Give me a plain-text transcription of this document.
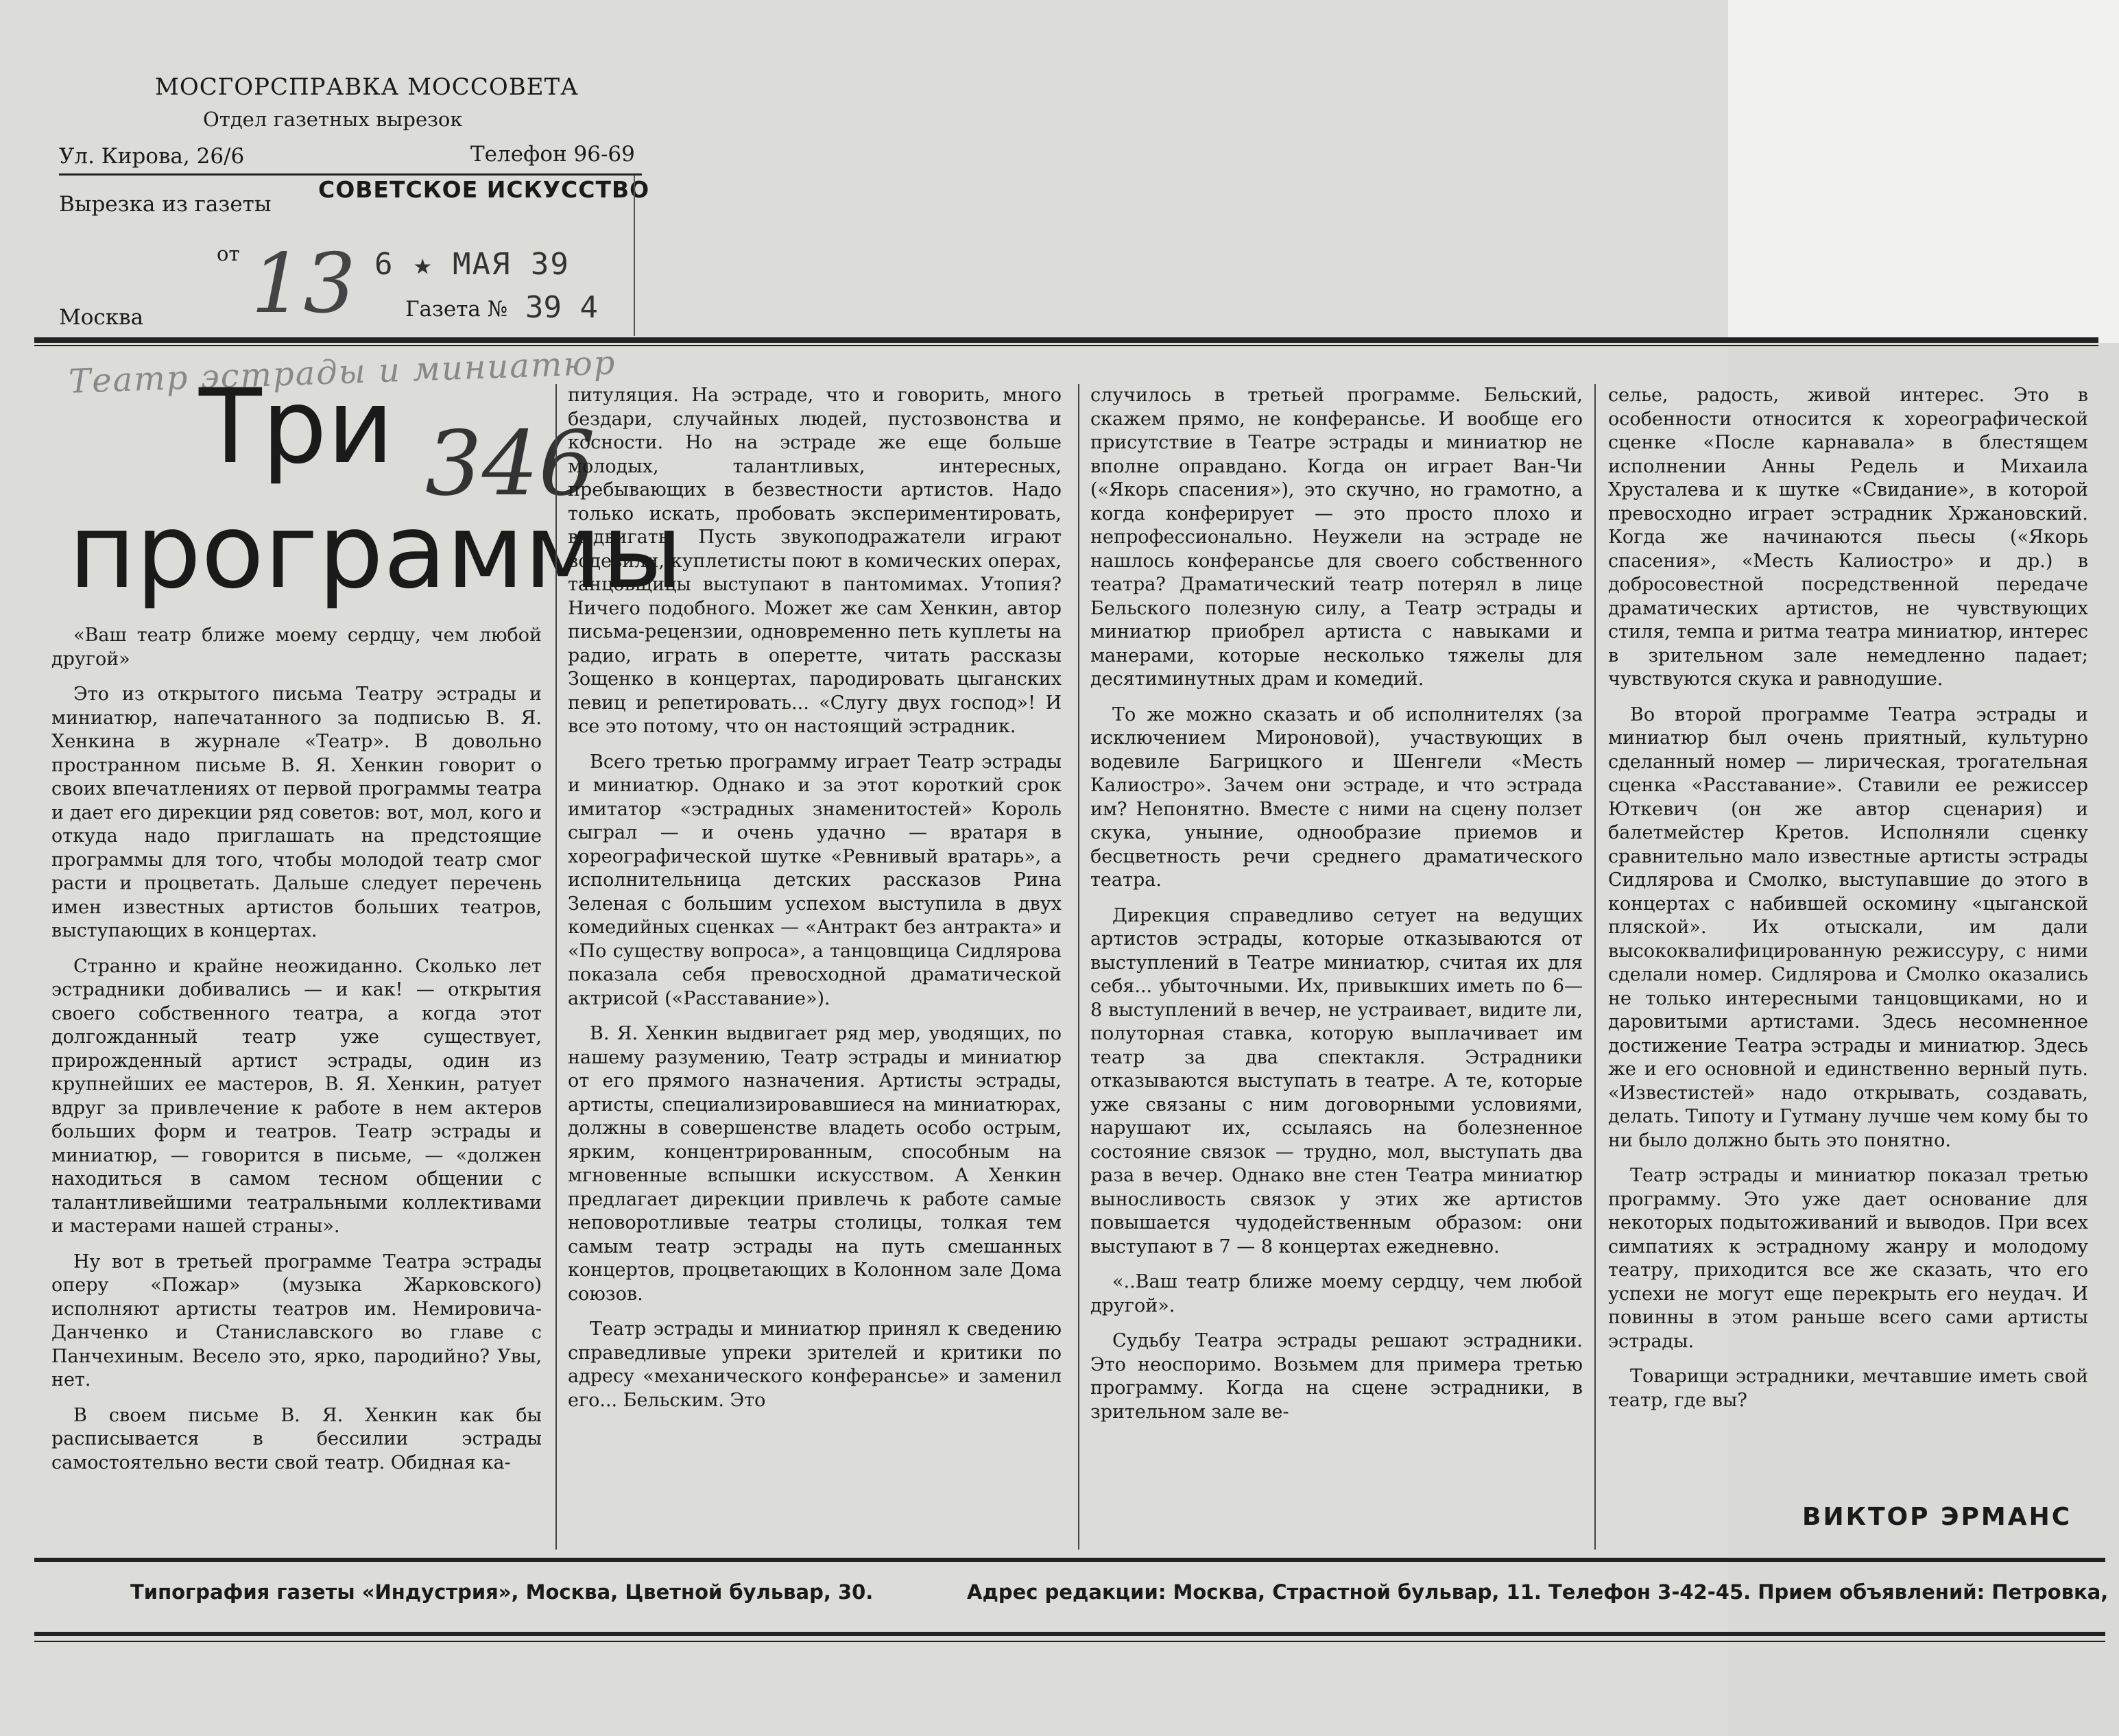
МОСГОРСПРАВКА МОССОВЕТА
Отдел газетных вырезок
Ул. Кирова, 26/6	Телефон 96-69
Вырезка из газеты
СОВЕТСКОЕ ИСКУССТВО
от 13 6 ★ МАЯ 39
Москва	Газета № 39 4
Театр эстрады и миниатюр
Три 346
программы

«Ваш театр ближе моему сердцу, чем любой другой»

Это из открытого письма Театру эстрады и миниатюр, напечатанного за подписью В. Я. Хенкина в журнале «Театр». В довольно пространном письме В. Я. Хенкин говорит о своих впечатлениях от первой программы театра и дает его дирекции ряд советов: вот, мол, кого и откуда надо приглашать на предстоящие программы для того, чтобы молодой театр смог расти и процветать. Дальше следует перечень имен известных артистов больших театров, выступающих в концертах.

Странно и крайне неожиданно. Сколько лет эстрадники добивались — и как! — открытия своего собственного театра, а когда этот долгожданный театр уже существует, прирожденный артист эстрады, один из крупнейших ее мастеров, В. Я. Хенкин, ратует вдруг за привлечение к работе в нем актеров больших форм и театров. Театр эстрады и миниатюр, — говорится в письме, — «должен находиться в самом тесном общении с талантливейшими театральными коллективами и мастерами нашей страны».

Ну вот в третьей программе Театра эстрады оперу «Пожар» (музыка Жарковского) исполняют артисты театров им. Немировича-Данченко и Станиславского во главе с Панчехиным. Весело это, ярко, пародийно? Увы, нет.

В своем письме В. Я. Хенкин как бы расписывается в бессилии эстрады самостоятельно вести свой театр. Обидная ка-

питуляция. На эстраде, что и говорить, много бездари, случайных людей, пустозвонства и косности. Но на эстраде же еще больше молодых, талантливых, интересных, пребывающих в безвестности артистов. Надо только искать, пробовать экспериментировать, выдвигать. Пусть звукоподражатели играют водевили, куплетисты поют в комических операх, танцовщицы выступают в пантомимах. Утопия? Ничего подобного. Может же сам Хенкин, автор письма-рецензии, одновременно петь куплеты на радио, играть в оперетте, читать рассказы Зощенко в концертах, пародировать цыганских певиц и репетировать... «Слугу двух господ»! И все это потому, что он настоящий эстрадник.

Всего третью программу играет Театр эстрады и миниатюр. Однако и за этот короткий срок имитатор «эстрадных знаменитостей» Король сыграл — и очень удачно — вратаря в хореографической шутке «Ревнивый вратарь», а исполнительница детских рассказов Рина Зеленая с большим успехом выступила в двух комедийных сценках — «Антракт без антракта» и «По существу вопроса», а танцовщица Сидлярова показала себя превосходной драматической актрисой («Расставание»).

В. Я. Хенкин выдвигает ряд мер, уводящих, по нашему разумению, Театр эстрады и миниатюр от его прямого назначения. Артисты эстрады, артисты, специализировавшиеся на миниатюрах, должны в совершенстве владеть особо острым, ярким, концентрированным, способным на мгновенные вспышки искусством. А Хенкин предлагает дирекции привлечь к работе самые неповоротливые театры столицы, толкая тем самым театр эстрады на путь смешанных концертов, процветающих в Колонном зале Дома союзов.

Театр эстрады и миниатюр принял к сведению справедливые упреки зрителей и критики по адресу «механического конферансье» и заменил его... Бельским. Это

случилось в третьей программе. Бельский, скажем прямо, не конферансье. И вообще его присутствие в Театре эстрады и миниатюр не вполне оправдано. Когда он играет Ван-Чи («Якорь спасения»), это скучно, но грамотно, а когда конферирует — это просто плохо и непрофессионально. Неужели на эстраде не нашлось конферансье для своего собственного театра? Драматический театр потерял в лице Бельского полезную силу, а Театр эстрады и миниатюр приобрел артиста с навыками и манерами, которые несколько тяжелы для десятиминутных драм и комедий.

То же можно сказать и об исполнителях (за исключением Мироновой), участвующих в водевиле Багрицкого и Шенгели «Месть Калиостро». Зачем они эстраде, и что эстрада им? Непонятно. Вместе с ними на сцену ползет скука, уныние, однообразие приемов и бесцветность речи среднего драматического театра.

Дирекция справедливо сетует на ведущих артистов эстрады, которые отказываются от выступлений в Театре миниатюр, считая их для себя... убыточными. Их, привыкших иметь по 6—8 выступлений в вечер, не устраивает, видите ли, полуторная ставка, которую выплачивает им театр за два спектакля. Эстрадники отказываются выступать в театре. А те, которые уже связаны с ним договорными условиями, нарушают их, ссылаясь на болезненное состояние связок — трудно, мол, выступать два раза в вечер. Однако вне стен Театра миниатюр выносливость связок у этих же артистов повышается чудодейственным образом: они выступают в 7 — 8 концертах ежедневно.

«..Ваш театр ближе моему сердцу, чем любой другой».

Судьбу Театра эстрады решают эстрадники. Это неоспоримо. Возьмем для примера третью программу. Когда на сцене эстрадники, в зрительном зале ве-

селье, радость, живой интерес. Это в особенности относится к хореографической сценке «После карнавала» в блестящем исполнении Анны Редель и Михаила Хрусталева и к шутке «Свидание», в которой превосходно играет эстрадник Хржановский. Когда же начинаются пьесы («Якорь спасения», «Месть Калиостро» и др.) в добросовестной посредственной передаче драматических артистов, не чувствующих стиля, темпа и ритма театра миниатюр, интерес в зрительном зале немедленно падает; чувствуются скука и равнодушие.

Во второй программе Театра эстрады и миниатюр был очень приятный, культурно сделанный номер — лирическая, трогательная сценка «Расставание». Ставили ее режиссер Юткевич (он же автор сценария) и балетмейстер Кретов. Исполняли сценку сравнительно мало известные артисты эстрады Сидлярова и Смолко, выступавшие до этого в концертах с набившей оскомину «цыганской пляской». Их отыскали, им дали высококвалифицированную режиссуру, с ними сделали номер. Сидлярова и Смолко оказались не только интересными танцовщиками, но и даровитыми артистами. Здесь несомненное достижение Театра эстрады и миниатюр. Здесь же и его основной и единственно верный путь. «Известистей» надо открывать, создавать, делать. Типоту и Гутману лучше чем кому бы то ни было должно быть это понятно.

Театр эстрады и миниатюр показал третью программу. Это уже дает основание для некоторых подытоживаний и выводов. При всех симпатиях к эстрадному жанру и молодому театру, приходится все же сказать, что его успехи не могут еще перекрыть его неудач. И повинны в этом раньше всего сами артисты эстрады.

Товарищи эстрадники, мечтавшие иметь свой театр, где вы?

ВИКТОР ЭРМАНС
Типография газеты «Индустрия», Москва, Цветной бульвар, 30.	Адрес редакции: Москва, Страстной бульвар, 11. Телефон 3-42-45. Прием объявлений: Петровка,
